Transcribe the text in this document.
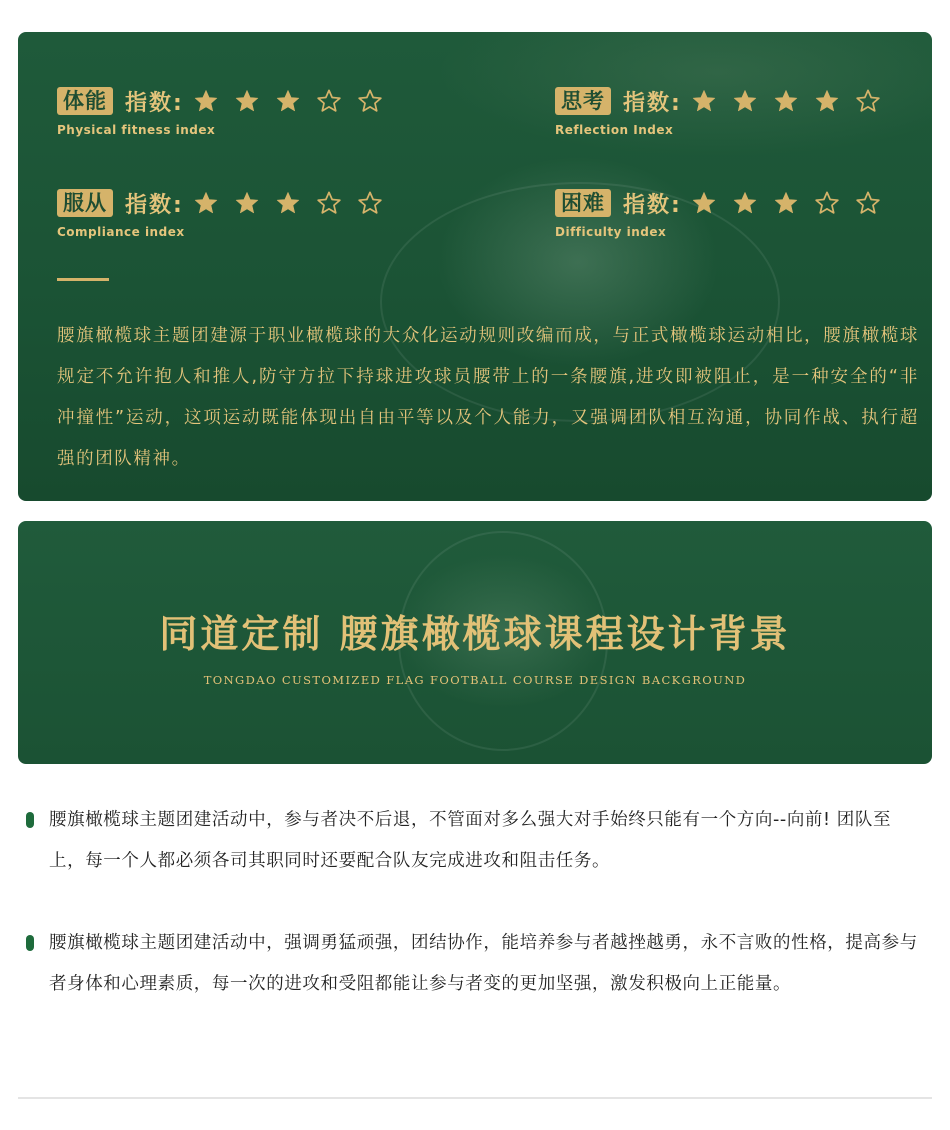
体能 指数:
Physical fitness index
思考 指数:
Reflection Index
服从 指数:
Compliance index
困难 指数:
Difficulty index

腰旗橄榄球主题团建源于职业橄榄球的大众化运动规则改编而成，与正式橄榄球运动相比，腰旗橄榄球规定不允许抱人和推人,防守方拉下持球进攻球员腰带上的一条腰旗,进攻即被阻止，是一种安全的“非冲撞性”运动，这项运动既能体现出自由平等以及个人能力，又强调团队相互沟通，协同作战、执行超强的团队精神。

同道定制 腰旗橄榄球课程设计背景
TONGDAO CUSTOMIZED FLAG FOOTBALL COURSE DESIGN BACKGROUND

腰旗橄榄球主题团建活动中，参与者决不后退，不管面对多么强大对手始终只能有一个方向--向前! 团队至上，每一个人都必须各司其职同时还要配合队友完成进攻和阻击任务。

腰旗橄榄球主题团建活动中，强调勇猛顽强，团结协作，能培养参与者越挫越勇，永不言败的性格，提高参与者身体和心理素质，每一次的进攻和受阻都能让参与者变的更加坚强，激发积极向上正能量。
